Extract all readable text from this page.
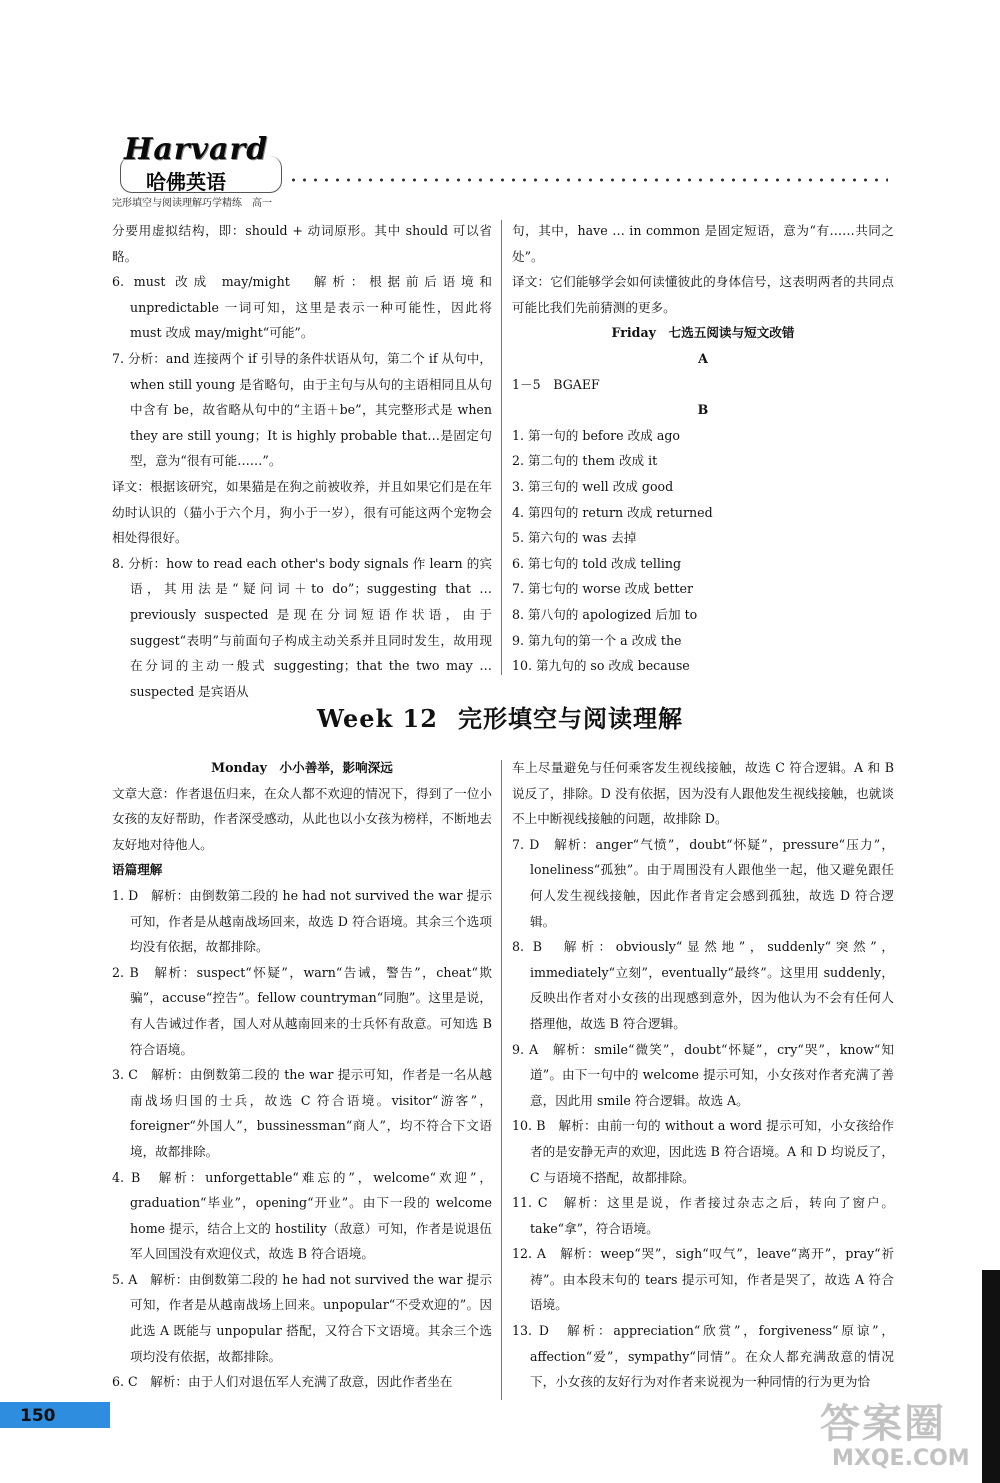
Harvard
哈佛英语
完形填空与阅读理解巧学精练　高一

分要用虚拟结构，即：should + 动词原形。其中 should 可以省略。

6. must 改成 may/might　解析：根据前后语境和 unpredictable 一词可知，这里是表示一种可能性，因此将 must 改成 may/might“可能”。

7. 分析：and 连接两个 if 引导的条件状语从句，第二个 if 从句中，when still young 是省略句，由于主句与从句的主语相同且从句中含有 be，故省略从句中的“主语＋be”，其完整形式是 when they are still young；It is highly probable that…是固定句型，意为“很有可能……”。

译文：根据该研究，如果猫是在狗之前被收养，并且如果它们是在年幼时认识的（猫小于六个月，狗小于一岁），很有可能这两个宠物会相处得很好。

8. 分析：how to read each other's body signals 作 learn 的宾语，其用法是“疑问词＋to do”；suggesting that … previously suspected 是现在分词短语作状语，由于 suggest“表明”与前面句子构成主动关系并且同时发生，故用现在分词的主动一般式 suggesting；that the two may … suspected 是宾语从

句，其中，have … in common 是固定短语，意为“有……共同之处”。

译文：它们能够学会如何读懂彼此的身体信号，这表明两者的共同点可能比我们先前猜测的更多。

Friday　七选五阅读与短文改错

A

1－5　BGAEF

B

1. 第一句的 before 改成 ago

2. 第二句的 them 改成 it

3. 第三句的 well 改成 good

4. 第四句的 return 改成 returned

5. 第六句的 was 去掉

6. 第七句的 told 改成 telling

7. 第七句的 worse 改成 better

8. 第八句的 apologized 后加 to

9. 第九句的第一个 a 改成 the

10. 第九句的 so 改成 because

Week 12 完形填空与阅读理解

Monday　小小善举，影响深远

文章大意：作者退伍归来，在众人都不欢迎的情况下，得到了一位小女孩的友好帮助，作者深受感动，从此也以小女孩为榜样，不断地去友好地对待他人。

语篇理解

1. D　解析：由倒数第二段的 he had not survived the war 提示可知，作者是从越南战场回来，故选 D 符合语境。其余三个选项均没有依据，故都排除。

2. B　解析：suspect“怀疑”，warn“告诫，警告”，cheat“欺骗”，accuse“控告”。fellow countryman“同胞”。这里是说，有人告诫过作者，国人对从越南回来的士兵怀有敌意。可知选 B 符合语境。

3. C　解析：由倒数第二段的 the war 提示可知，作者是一名从越南战场归国的士兵，故选 C 符合语境。visitor“游客”，foreigner“外国人”，bussinessman“商人”，均不符合下文语境，故都排除。

4. B　解析：unforgettable“难忘的”，welcome“欢迎”，graduation“毕业”，opening“开业”。由下一段的 welcome home 提示，结合上文的 hostility（敌意）可知，作者是说退伍军人回国没有欢迎仪式，故选 B 符合语境。

5. A　解析：由倒数第二段的 he had not survived the war 提示可知，作者是从越南战场上回来。unpopular“不受欢迎的”。因此选 A 既能与 unpopular 搭配，又符合下文语境。其余三个选项均没有依据，故都排除。

6. C　解析：由于人们对退伍军人充满了敌意，因此作者坐在

车上尽量避免与任何乘客发生视线接触，故选 C 符合逻辑。A 和 B 说反了，排除。D 没有依据，因为没有人跟他发生视线接触，也就谈不上中断视线接触的问题，故排除 D。

7. D　解析：anger“气愤”，doubt“怀疑”，pressure“压力”，loneliness“孤独”。由于周围没有人跟他坐一起，他又避免跟任何人发生视线接触，因此作者肯定会感到孤独，故选 D 符合逻辑。

8. B　解析：obviously“显然地”，suddenly“突然”，immediately“立刻”，eventually“最终”。这里用 suddenly，反映出作者对小女孩的出现感到意外，因为他认为不会有任何人搭理他，故选 B 符合逻辑。

9. A　解析：smile“微笑”，doubt“怀疑”，cry“哭”，know“知道”。由下一句中的 welcome 提示可知，小女孩对作者充满了善意，因此用 smile 符合逻辑。故选 A。

10. B　解析：由前一句的 without a word 提示可知，小女孩给作者的是安静无声的欢迎，因此选 B 符合语境。A 和 D 均说反了，C 与语境不搭配，故都排除。

11. C　解析：这里是说，作者接过杂志之后，转向了窗户。take“拿”，符合语境。

12. A　解析：weep“哭”，sigh“叹气”，leave“离开”，pray“祈祷”。由本段末句的 tears 提示可知，作者是哭了，故选 A 符合语境。

13. D　解析：appreciation“欣赏”，forgiveness“原谅”，affection“爱”，sympathy“同情”。在众人都充满敌意的情况下，小女孩的友好行为对作者来说视为一种同情的行为更为恰

150	答案圈
MXQE.COM
